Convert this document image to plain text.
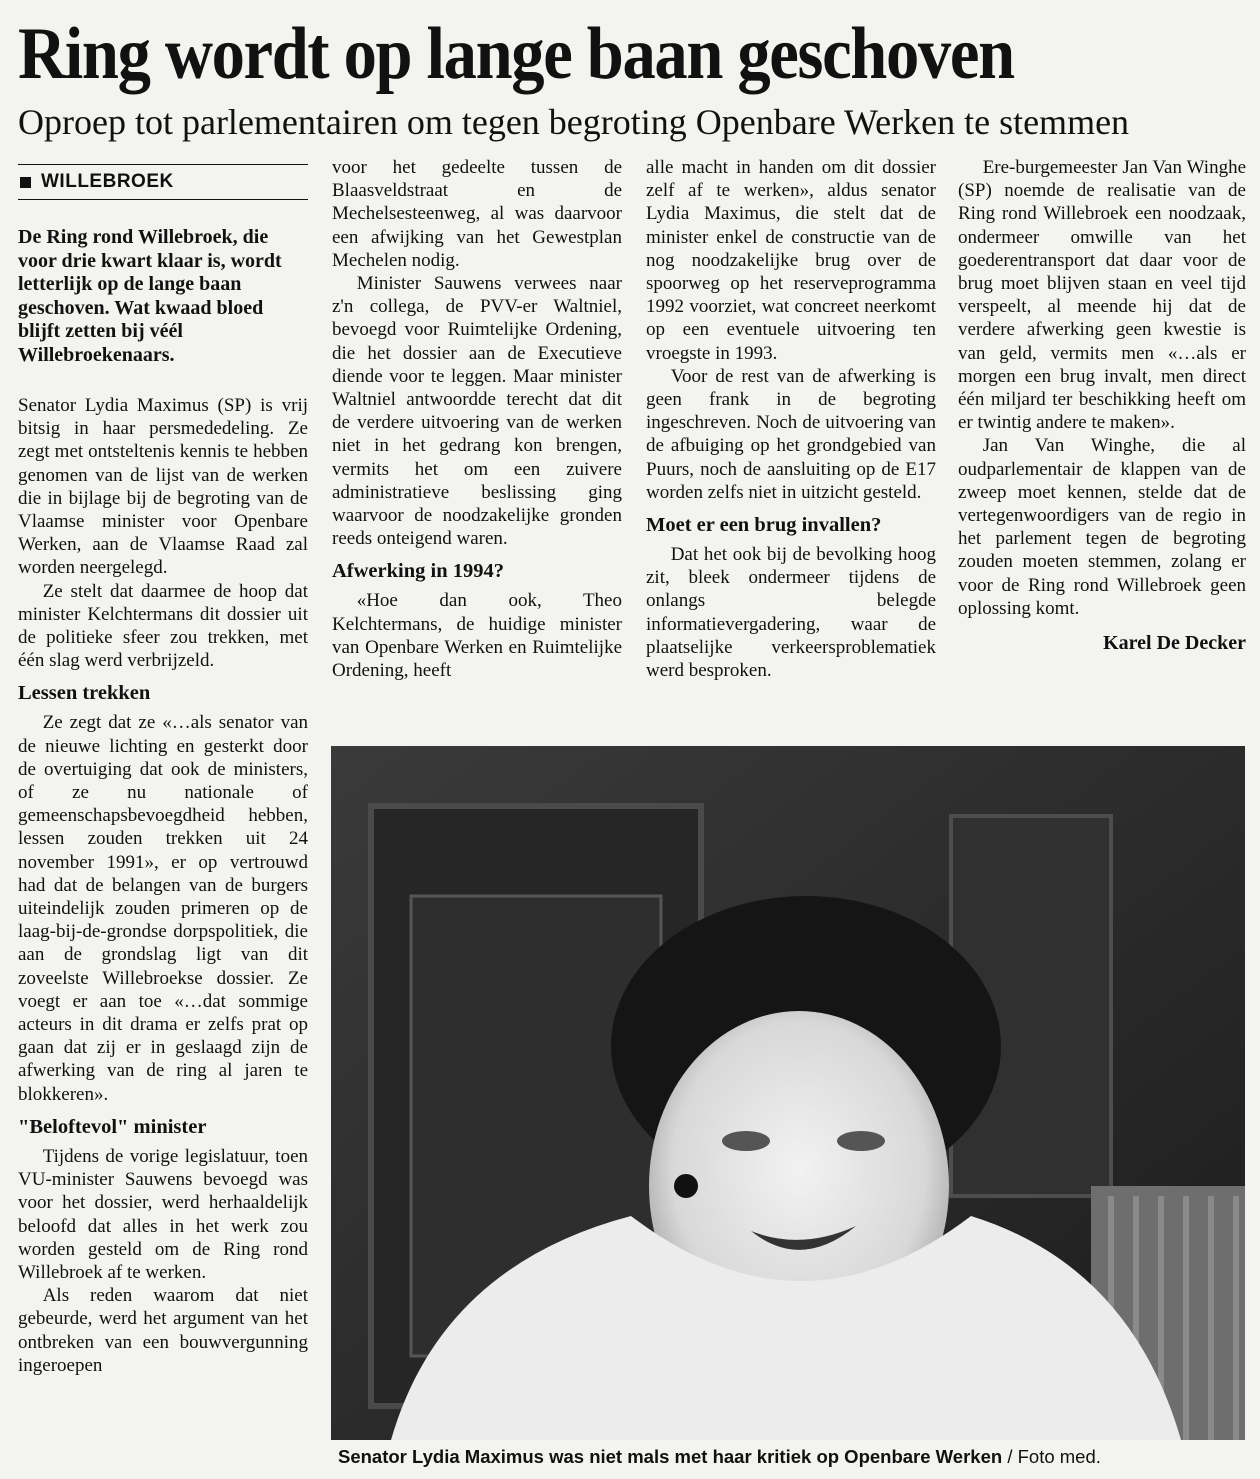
Ring wordt op lange baan geschoven
Oproep tot parlementairen om tegen begroting Openbare Werken te stemmen
WILLEBROEK

De Ring rond Willebroek, die voor drie kwart klaar is, wordt letterlijk op de lange baan geschoven. Wat kwaad bloed blijft zetten bij véél Willebroekenaars.

Senator Lydia Maximus (SP) is vrij bitsig in haar persmededeling. Ze zegt met ontsteltenis kennis te hebben genomen van de lijst van de werken die in bijlage bij de begroting van de Vlaamse minister voor Openbare Werken, aan de Vlaamse Raad zal worden neergelegd.

Ze stelt dat daarmee de hoop dat minister Kelchtermans dit dossier uit de politieke sfeer zou trekken, met één slag werd verbrijzeld.

Lessen trekken

Ze zegt dat ze «…als senator van de nieuwe lichting en gesterkt door de overtuiging dat ook de ministers, of ze nu nationale of gemeenschapsbevoegdheid hebben, lessen zouden trekken uit 24 november 1991», er op vertrouwd had dat de belangen van de burgers uiteindelijk zouden primeren op de laag-bij-de-grondse dorpspolitiek, die aan de grondslag ligt van dit zoveelste Willebroekse dossier. Ze voegt er aan toe «…dat sommige acteurs in dit drama er zelfs prat op gaan dat zij er in geslaagd zijn de afwerking van de ring al jaren te blokkeren».

"Beloftevol" minister

Tijdens de vorige legislatuur, toen VU-minister Sauwens bevoegd was voor het dossier, werd herhaaldelijk beloofd dat alles in het werk zou worden gesteld om de Ring rond Willebroek af te werken.

Als reden waarom dat niet gebeurde, werd het argument van het ontbreken van een bouwvergunning ingeroepen

voor het gedeelte tussen de Blaasveldstraat en de Mechelsesteenweg, al was daarvoor een afwijking van het Gewestplan Mechelen nodig.

Minister Sauwens verwees naar z'n collega, de PVV-er Waltniel, bevoegd voor Ruimtelijke Ordening, die het dossier aan de Executieve diende voor te leggen. Maar minister Waltniel antwoordde terecht dat dit de verdere uitvoering van de werken niet in het gedrang kon brengen, vermits het om een zuivere administratieve beslissing ging waarvoor de noodzakelijke gronden reeds onteigend waren.

Afwerking in 1994?

«Hoe dan ook, Theo Kelchtermans, de huidige minister van Openbare Werken en Ruimtelijke Ordening, heeft

alle macht in handen om dit dossier zelf af te werken», aldus senator Lydia Maximus, die stelt dat de minister enkel de constructie van de nog noodzakelijke brug over de spoorweg op het reserveprogramma 1992 voorziet, wat concreet neerkomt op een eventuele uitvoering ten vroegste in 1993.

Voor de rest van de afwerking is geen frank in de begroting ingeschreven. Noch de uitvoering van de afbuiging op het grondgebied van Puurs, noch de aansluiting op de E17 worden zelfs niet in uitzicht gesteld.

Moet er een brug invallen?

Dat het ook bij de bevolking hoog zit, bleek ondermeer tijdens de onlangs belegde informatievergadering, waar de plaatselijke verkeersproblematiek werd besproken.

Ere-burgemeester Jan Van Winghe (SP) noemde de realisatie van de Ring rond Willebroek een noodzaak, ondermeer omwille van het goederentransport dat daar voor de brug moet blijven staan en veel tijd verspeelt, al meende hij dat de verdere afwerking geen kwestie is van geld, vermits men «…als er morgen een brug invalt, men direct één miljard ter beschikking heeft om er twintig andere te maken».

Jan Van Winghe, die al oudparlementair de klappen van de zweep moet kennen, stelde dat de vertegenwoordigers van de regio in het parlement tegen de begroting zouden moeten stemmen, zolang er voor de Ring rond Willebroek geen oplossing komt.

Karel De Decker

Senator Lydia Maximus was niet mals met haar kritiek op Openbare Werken / Foto med.
